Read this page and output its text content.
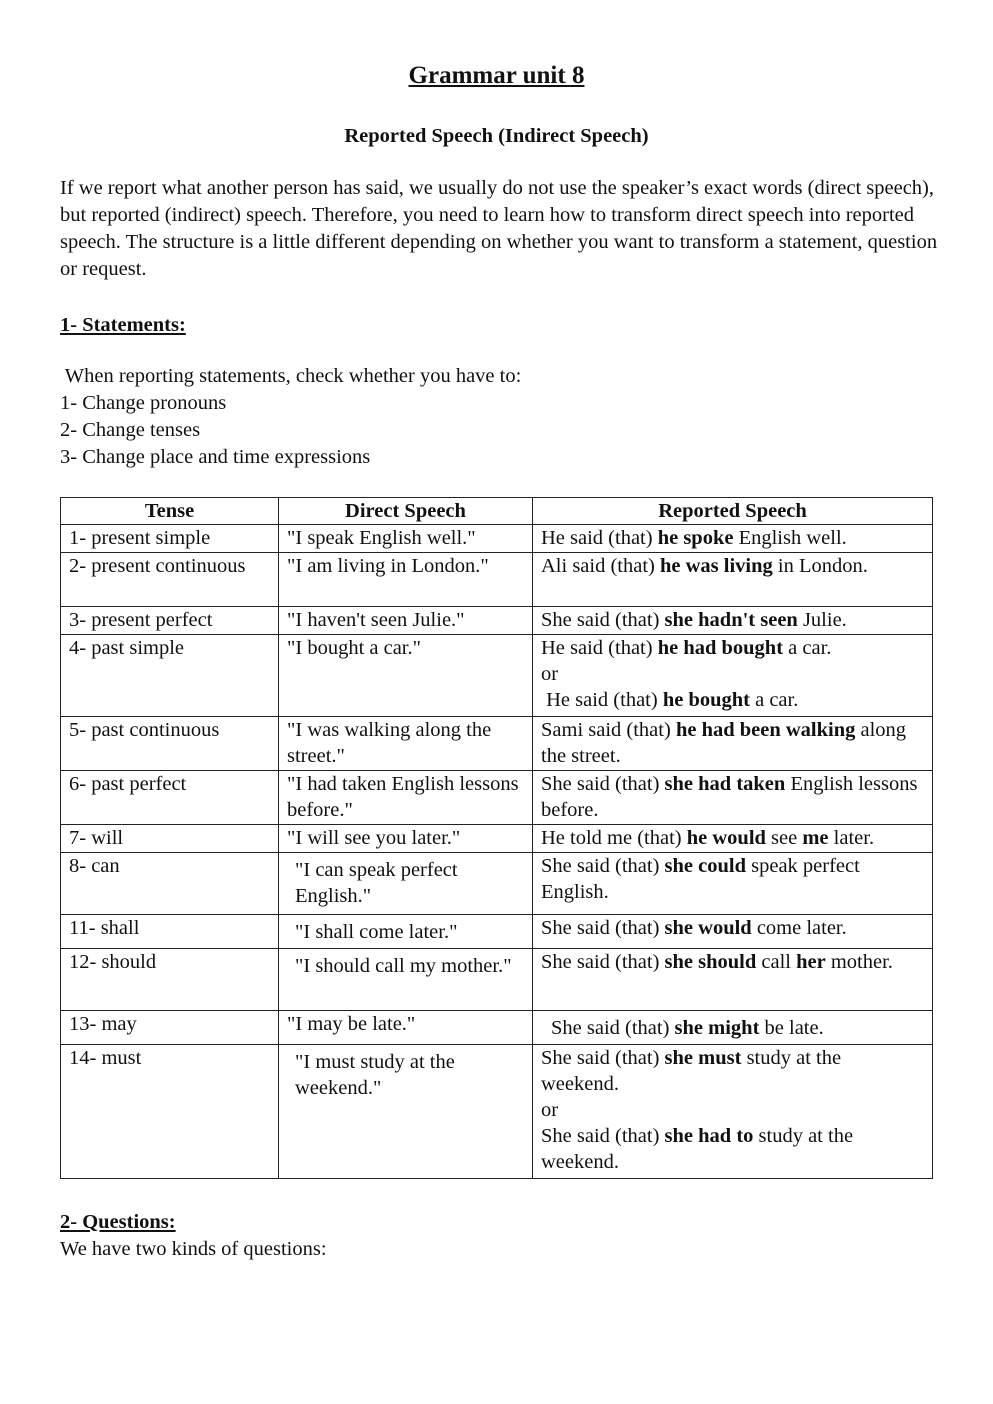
Grammar unit 8
Reported Speech (Indirect Speech)

If we report what another person has said, we usually do not use the speaker’s exact words (direct speech), but reported (indirect) speech. Therefore, you need to learn how to transform direct speech into reported speech. The structure is a little different depending on whether you want to transform a statement, question or request.

1- Statements:

When reporting statements, check whether you have to:
1- Change pronouns
2- Change tenses
3- Change place and time expressions
Tense	Direct Speech	Reported Speech
1- present simple	"I speak English well."	He said (that) he spoke English well.
2- present continuous	"I am living in London."	Ali said (that) he was living in London.
3- present perfect	"I haven't seen Julie."	She said (that) she hadn't seen Julie.
4- past simple	"I bought a car."	He said (that) he had bought a car.
or
He said (that) he bought a car.
5- past continuous	"I was walking along the street."	Sami said (that) he had been walking along the street.
6- past perfect	"I had taken English lessons before."	She said (that) she had taken English lessons before.
7- will	"I will see you later."	He told me (that) he would see me later.
8- can	"I can speak perfect English."	She said (that) she could speak perfect English.
11- shall	"I shall come later."	She said (that) she would come later.
12- should	"I should call my mother."	She said (that) she should call her mother.
13- may	"I may be late."	She said (that) she might be late.
14- must	"I must study at the weekend."	She said (that) she must study at the weekend.
or
She said (that) she had to study at the weekend.

2- Questions:

We have two kinds of questions:
